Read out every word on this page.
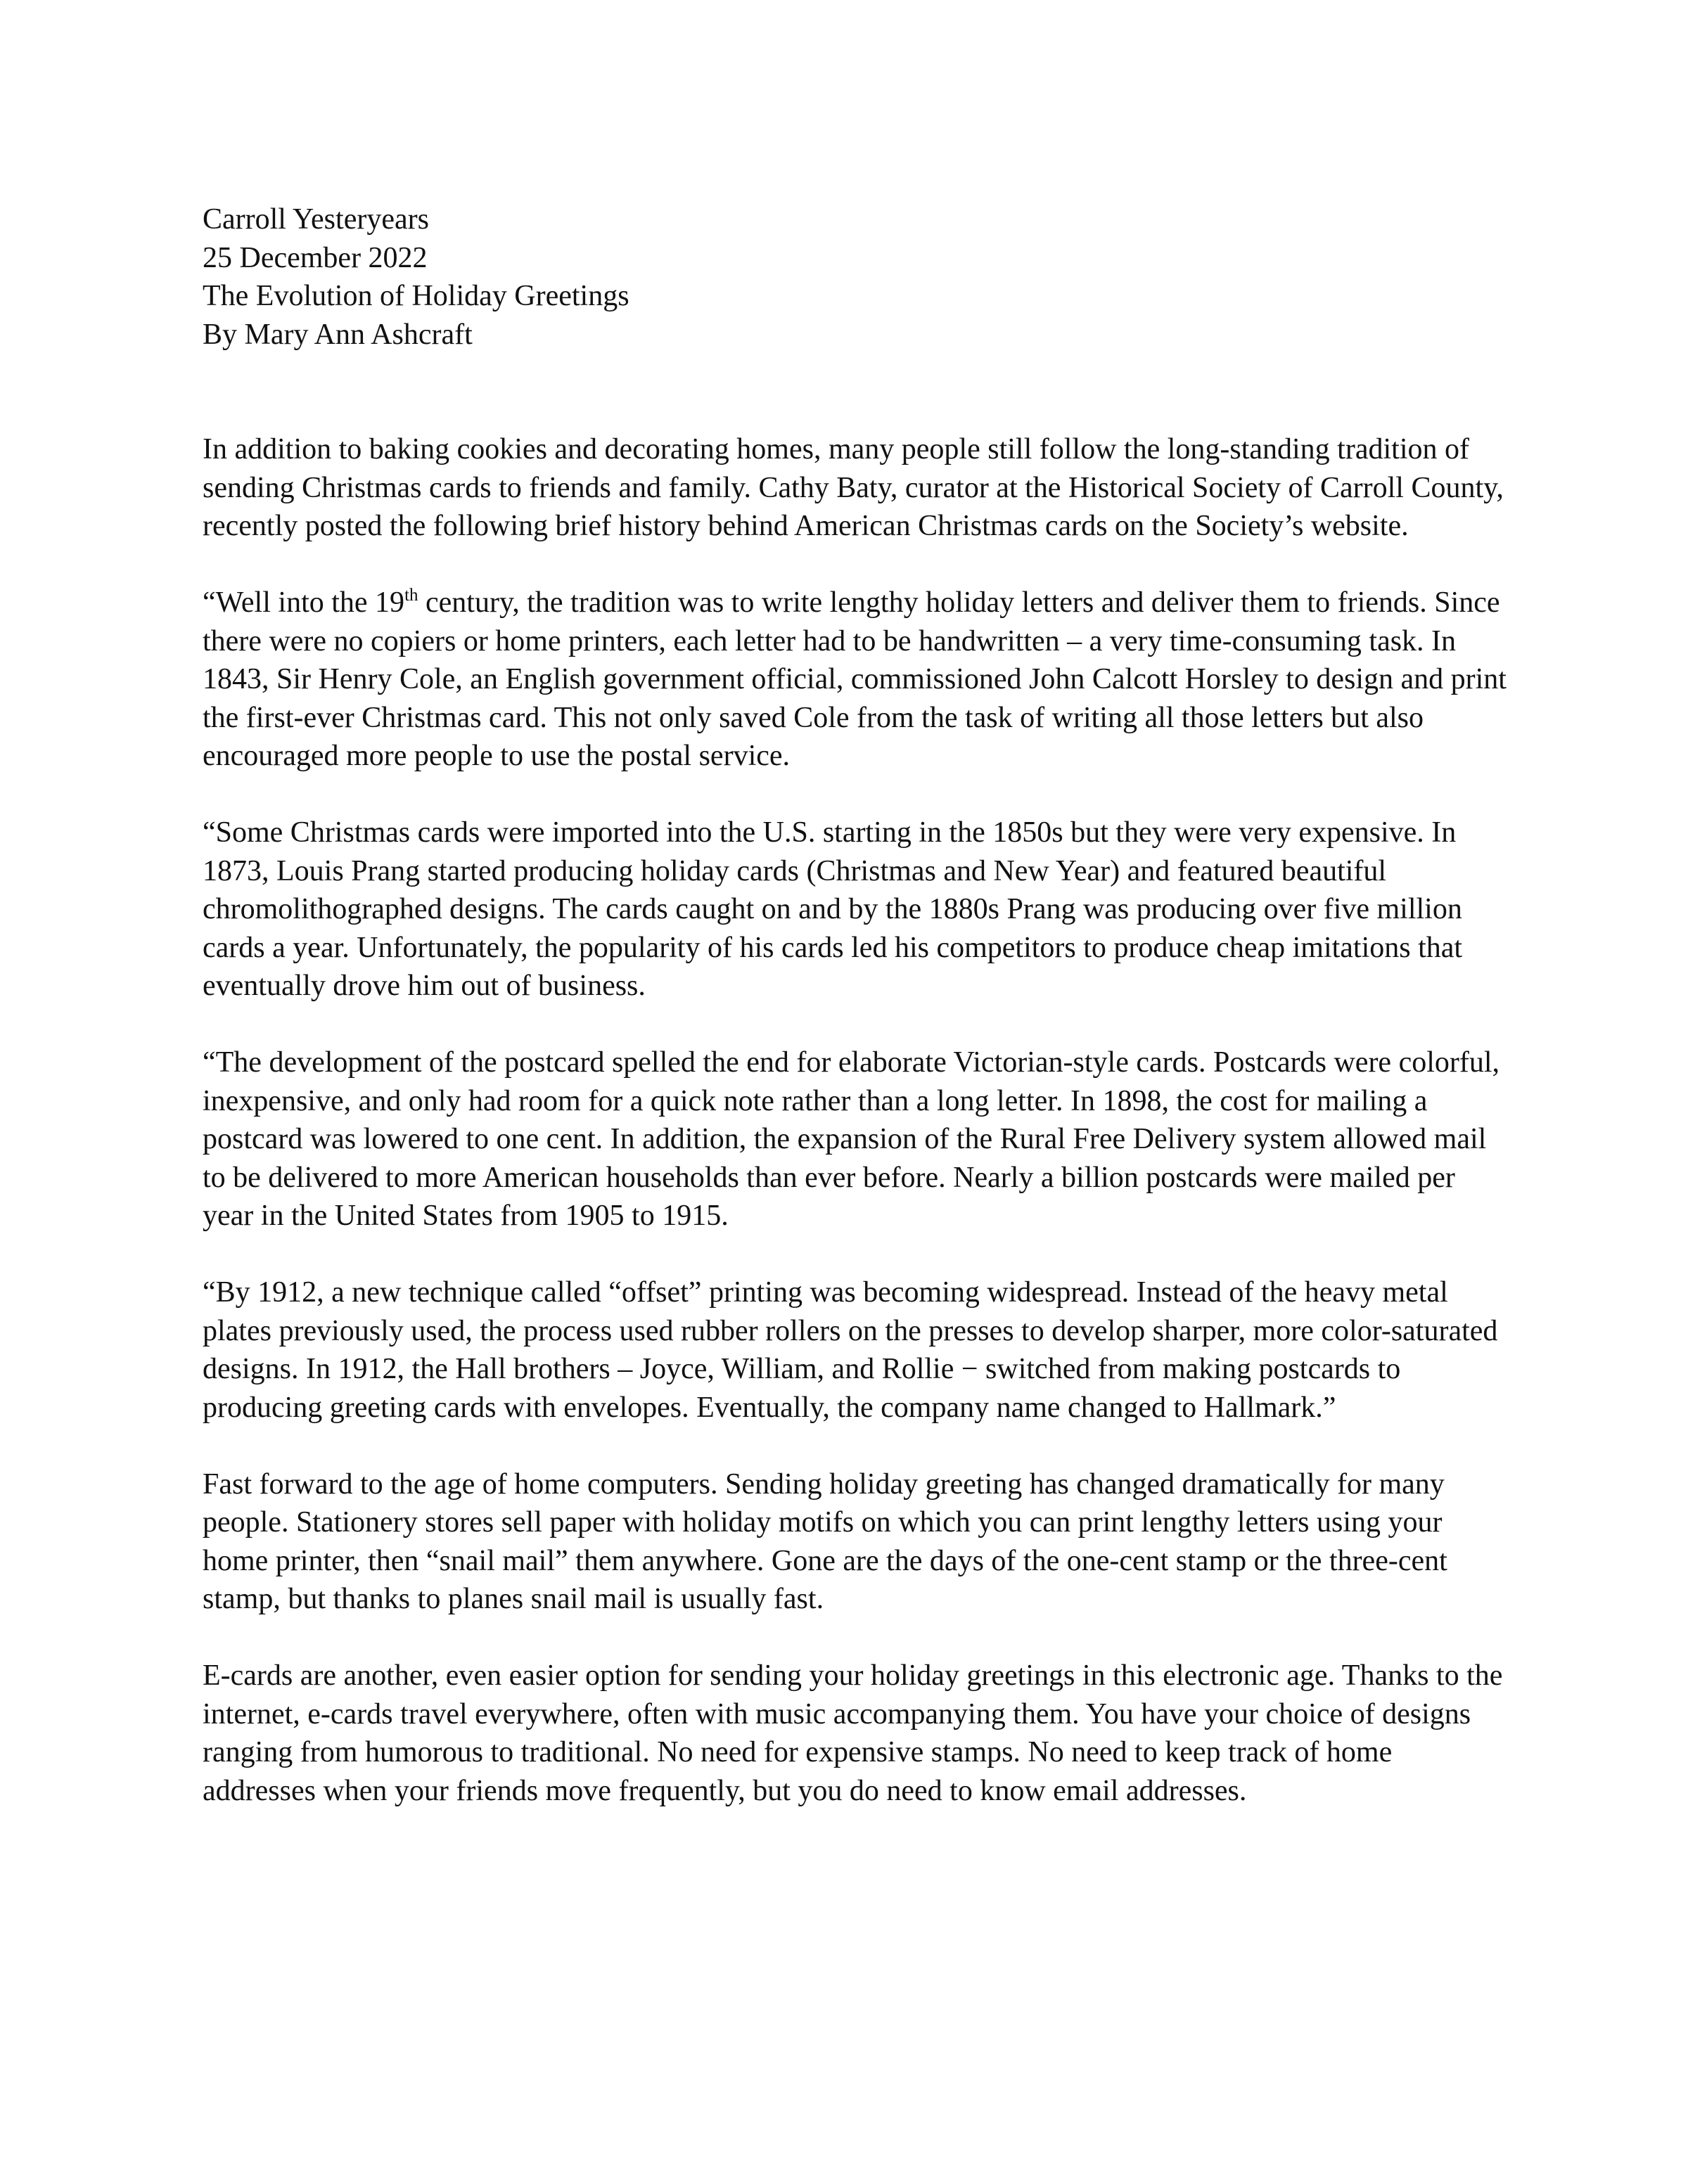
Carroll Yesteryears
25 December 2022
The Evolution of Holiday Greetings
By Mary Ann Ashcraft

In addition to baking cookies and decorating homes, many people still follow the long-standing tradition of sending Christmas cards to friends and family. Cathy Baty, curator at the Historical Society of Carroll County, recently posted the following brief history behind American Christmas cards on the Society’s website.

“Well into the 19th century, the tradition was to write lengthy holiday letters and deliver them to friends. Since there were no copiers or home printers, each letter had to be handwritten – a very time-consuming task. In 1843, Sir Henry Cole, an English government official, commissioned John Calcott Horsley to design and print the first-ever Christmas card. This not only saved Cole from the task of writing all those letters but also encouraged more people to use the postal service.

“Some Christmas cards were imported into the U.S. starting in the 1850s but they were very expensive. In 1873, Louis Prang started producing holiday cards (Christmas and New Year) and featured beautiful chromolithographed designs. The cards caught on and by the 1880s Prang was producing over five million cards a year. Unfortunately, the popularity of his cards led his competitors to produce cheap imitations that eventually drove him out of business.

“The development of the postcard spelled the end for elaborate Victorian-style cards. Postcards were colorful, inexpensive, and only had room for a quick note rather than a long letter. In 1898, the cost for mailing a postcard was lowered to one cent. In addition, the expansion of the Rural Free Delivery system allowed mail to be delivered to more American households than ever before. Nearly a billion postcards were mailed per year in the United States from 1905 to 1915.

“By 1912, a new technique called “offset” printing was becoming widespread. Instead of the heavy metal plates previously used, the process used rubber rollers on the presses to develop sharper, more color-saturated designs. In 1912, the Hall brothers – Joyce, William, and Rollie − switched from making postcards to producing greeting cards with envelopes. Eventually, the company name changed to Hallmark.”

Fast forward to the age of home computers. Sending holiday greeting has changed dramatically for many people. Stationery stores sell paper with holiday motifs on which you can print lengthy letters using your home printer, then “snail mail” them anywhere. Gone are the days of the one-cent stamp or the three-cent stamp, but thanks to planes snail mail is usually fast.

E-cards are another, even easier option for sending your holiday greetings in this electronic age. Thanks to the internet, e-cards travel everywhere, often with music accompanying them. You have your choice of designs ranging from humorous to traditional. No need for expensive stamps. No need to keep track of home addresses when your friends move frequently, but you do need to know email addresses.
